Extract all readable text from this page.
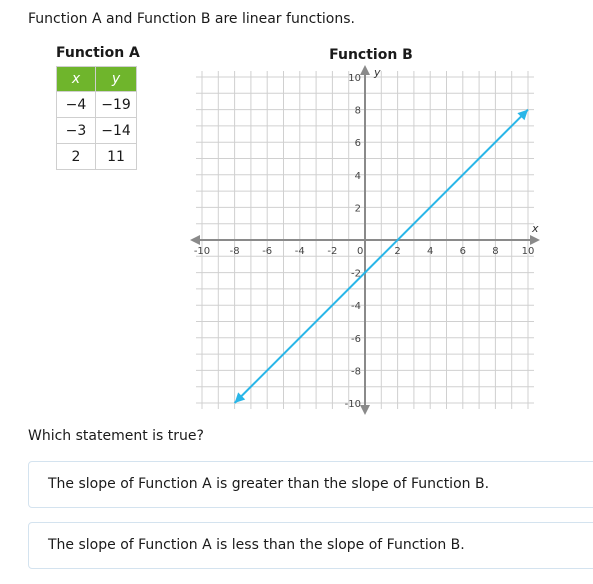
Function A and Function B are linear functions.
Function A
x	y
−4	−19
−3	−14
2	11
Function B
-10 -8 -6 -4 -2 0	2	4	6	8 10
-10
-8
-6
-4
-2
2
4
6
8
10
x
y
Which statement is true?
The slope of Function A is greater than the slope of Function B.
The slope of Function A is less than the slope of Function B.
